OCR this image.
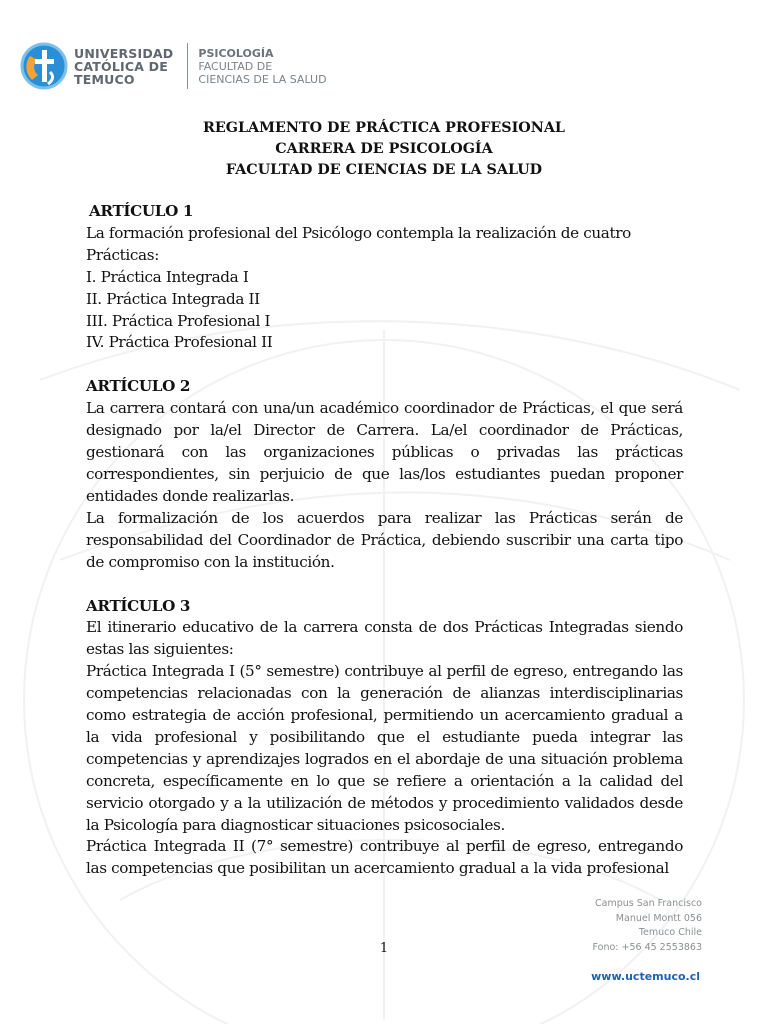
UNIVERSIDAD
CATÓLICA DE
TEMUCO
PSICOLOGÍA
FACULTAD DE
CIENCIAS DE LA SALUD
REGLAMENTO DE PRÁCTICA PROFESIONAL
CARRERA DE PSICOLOGÍA
FACULTAD DE CIENCIAS DE LA SALUD
ARTÍCULO 1

La formación profesional del Psicólogo contempla la realización de cuatro Prácticas:

I. Práctica Integrada I

II. Práctica Integrada II

III. Práctica Profesional I

IV. Práctica Profesional II

ARTÍCULO 2

La carrera contará con una/un académico coordinador de Prácticas, el que será designado por la/el Director de Carrera. La/el coordinador de Prácticas, gestionará con las organizaciones públicas o privadas las prácticas correspondientes, sin perjuicio de que las/los estudiantes puedan proponer entidades donde realizarlas.

La formalización de los acuerdos para realizar las Prácticas serán de responsabilidad del Coordinador de Práctica, debiendo suscribir una carta tipo de compromiso con la institución.

ARTÍCULO 3

El itinerario educativo de la carrera consta de dos Prácticas Integradas siendo estas las siguientes:

Práctica Integrada I (5° semestre) contribuye al perfil de egreso, entregando las competencias relacionadas con la generación de alianzas interdisciplinarias como estrategia de acción profesional, permitiendo un acercamiento gradual a la vida profesional y posibilitando que el estudiante pueda integrar las competencias y aprendizajes logrados en el abordaje de una situación problema concreta, específicamente en lo que se refiere a orientación a la calidad del servicio otorgado y a la utilización de métodos y procedimiento validados desde la Psicología para diagnosticar situaciones psicosociales.

Práctica Integrada II (7° semestre) contribuye al perfil de egreso, entregando las competencias que posibilitan un acercamiento gradual a la vida profesional

1
Campus San Francisco
Manuel Montt 056
Temuco Chile
Fono: +56 45 2553863
www.uctemuco.cl
